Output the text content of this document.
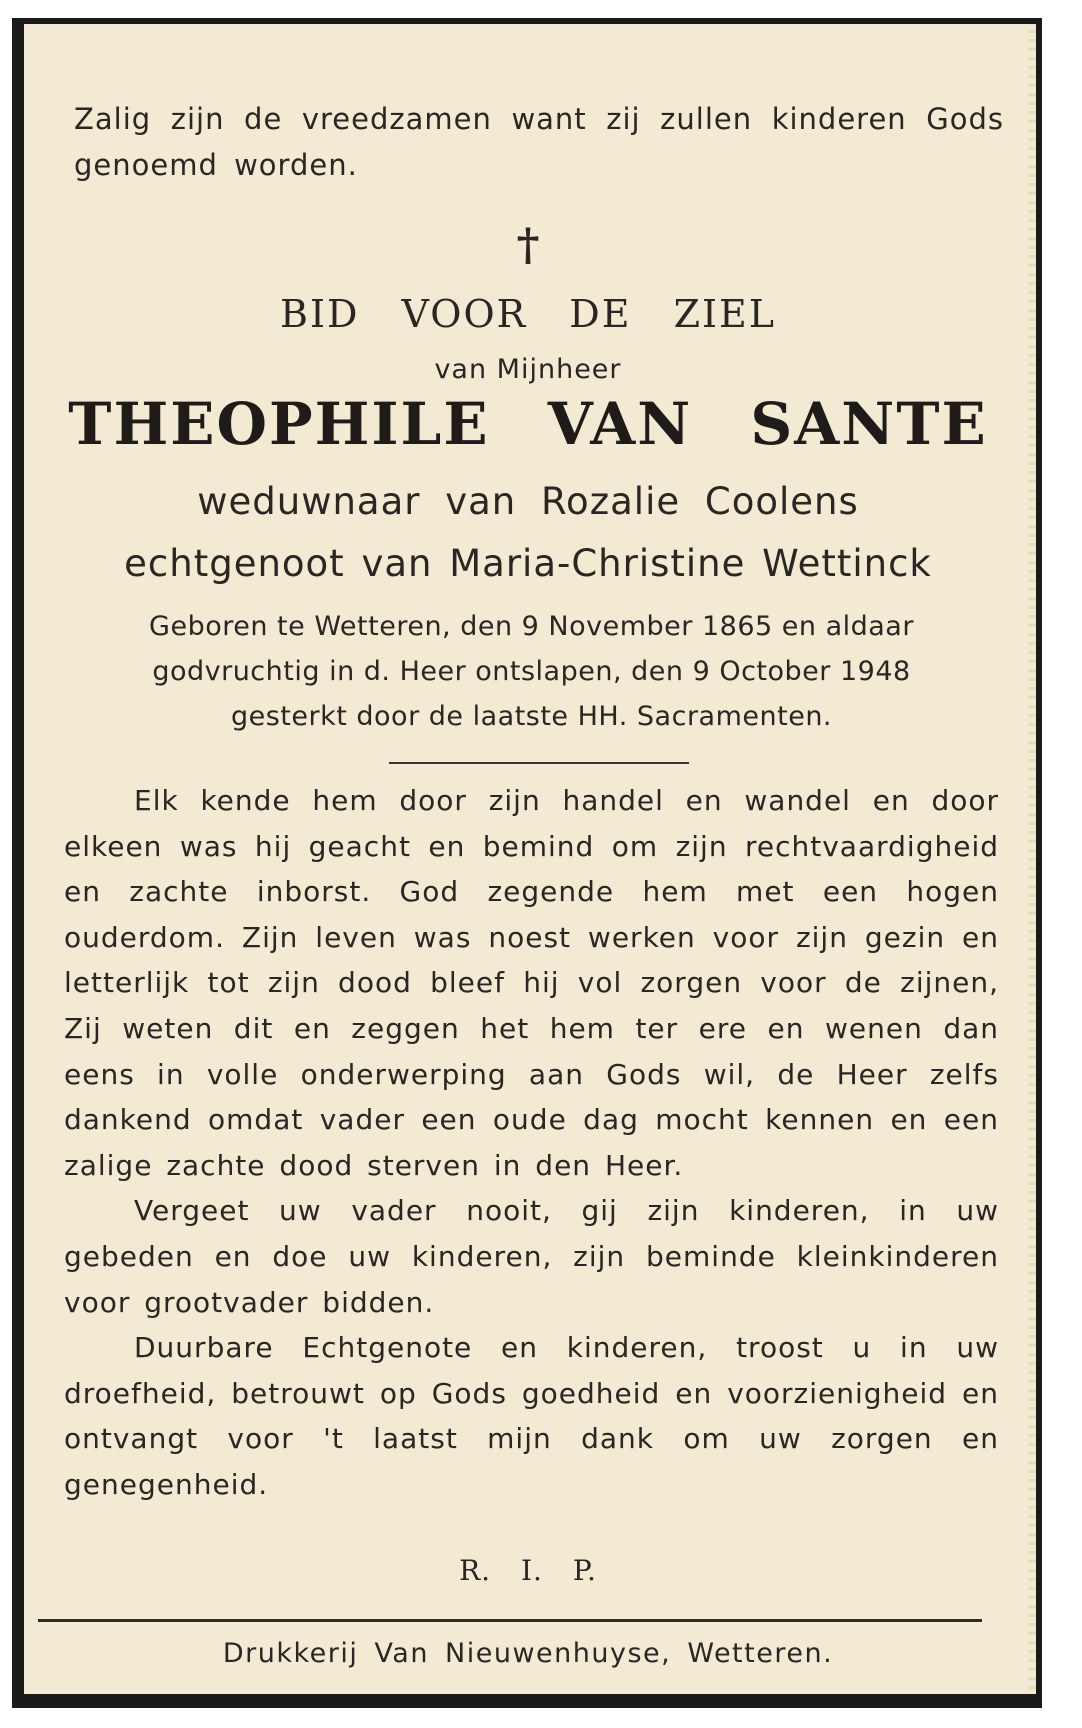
Zalig zijn de vreedzamen want zij zullen kinderen Gods genoemd worden.
†
BID VOOR DE ZIEL
van Mijnheer
THEOPHILE VAN SANTE
weduwnaar van Rozalie Coolens
echtgenoot van Maria-Christine Wettinck
Geboren te Wetteren, den 9 November 1865 en aldaar
godvruchtig in d. Heer ontslapen, den 9 October 1948
gesterkt door de laatste HH. Sacramenten.

Elk kende hem door zijn handel en wandel en door elkeen was hij geacht en bemind om zijn rechtvaardigheid en zachte inborst. God zegende hem met een hogen ouderdom. Zijn leven was noest werken voor zijn gezin en letterlijk tot zijn dood bleef hij vol zorgen voor de zijnen, Zij weten dit en zeggen het hem ter ere en wenen dan eens in volle onderwerping aan Gods wil, de Heer zelfs dankend omdat vader een oude dag mocht kennen en een zalige zachte dood sterven in den Heer.

Vergeet uw vader nooit, gij zijn kinderen, in uw gebeden en doe uw kinderen, zijn beminde kleinkinderen voor grootvader bidden.

Duurbare Echtgenote en kinderen, troost u in uw droefheid, betrouwt op Gods goedheid en voorzienigheid en ontvangt voor 't laatst mijn dank om uw zorgen en genegenheid.

R. I. P.
Drukkerij Van Nieuwenhuyse, Wetteren.
